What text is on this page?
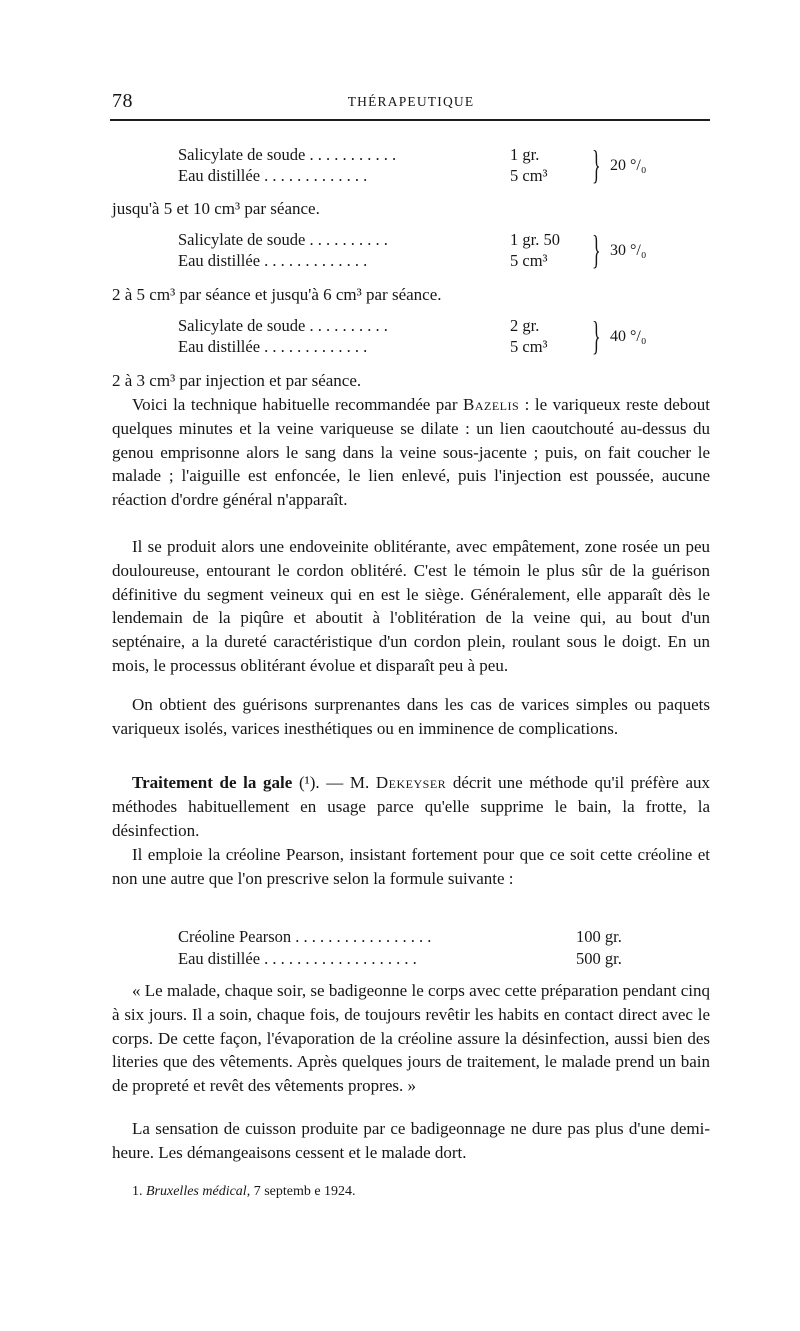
78	THÉRAPEUTIQUE
Salicylate de soude . . . . . . . . . . .	1 gr.
Eau distillée . . . . . . . . . . . . .	5 cm³ } 20 °/₀

jusqu'à 5 et 10 cm³ par séance.

Salicylate de soude . . . . . . . . . .	1 gr. 50
Eau distillée . . . . . . . . . . . . .	5 cm³ } 30 °/₀

2 à 5 cm³ par séance et jusqu'à 6 cm³ par séance.

Salicylate de soude . . . . . . . . . .	2 gr.
Eau distillée . . . . . . . . . . . . .	5 cm³ } 40 °/₀

2 à 3 cm³ par injection et par séance.

Voici la technique habituelle recommandée par Bazelis : le variqueux reste debout quelques minutes et la veine variqueuse se dilate : un lien caoutchouté au-dessus du genou emprisonne alors le sang dans la veine sous-jacente ; puis, on fait coucher le malade ; l'aiguille est enfoncée, le lien enlevé, puis l'injection est poussée, aucune réaction d'ordre général n'apparaît.

Il se produit alors une endoveinite oblitérante, avec empâtement, zone rosée un peu douloureuse, entourant le cordon oblitéré. C'est le témoin le plus sûr de la guérison définitive du segment veineux qui en est le siège. Généralement, elle apparaît dès le lendemain de la piqûre et aboutit à l'oblitération de la veine qui, au bout d'un septénaire, a la dureté caractéristique d'un cordon plein, roulant sous le doigt. En un mois, le processus oblitérant évolue et disparaît peu à peu.

On obtient des guérisons surprenantes dans les cas de varices simples ou paquets variqueux isolés, varices inesthétiques ou en imminence de complications.

Traitement de la gale (¹). — M. Dekeyser décrit une méthode qu'il préfère aux méthodes habituellement en usage parce qu'elle supprime le bain, la frotte, la désinfection.

Il emploie la créoline Pearson, insistant fortement pour que ce soit cette créoline et non une autre que l'on prescrive selon la formule suivante :

Créoline Pearson . . . . . . . . . . . . . . . . .	100 gr.
Eau distillée . . . . . . . . . . . . . . . . . . .	500 gr.

« Le malade, chaque soir, se badigeonne le corps avec cette préparation pendant cinq à six jours. Il a soin, chaque fois, de toujours revêtir les habits en contact direct avec le corps. De cette façon, l'évaporation de la créoline assure la désinfection, aussi bien des literies que des vêtements. Après quelques jours de traitement, le malade prend un bain de propreté et revêt des vêtements propres. »

La sensation de cuisson produite par ce badigeonnage ne dure pas plus d'une demi-heure. Les démangeaisons cessent et le malade dort.

1. Bruxelles médical, 7 septemb e 1924.
